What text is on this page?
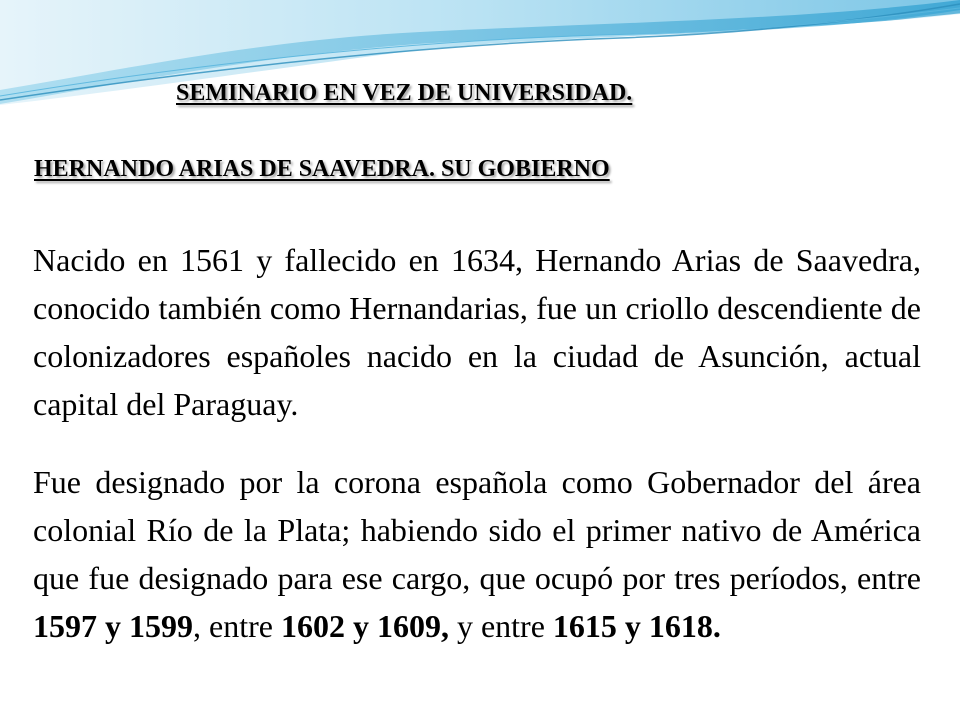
SEMINARIO EN VEZ DE UNIVERSIDAD.
HERNANDO ARIAS DE SAAVEDRA. SU GOBIERNO

Nacido en 1561 y fallecido en 1634, Hernando Arias de Saavedra, conocido también como Hernandarias, fue un criollo descendiente de colonizadores españoles nacido en la ciudad de Asunción, actual capital del Paraguay.

Fue designado por la corona española como Gobernador del área colonial Río de la Plata; habiendo sido el primer nativo de América que fue designado para ese cargo, que ocupó por tres períodos, entre 1597 y 1599, entre 1602 y 1609, y entre 1615 y 1618.
